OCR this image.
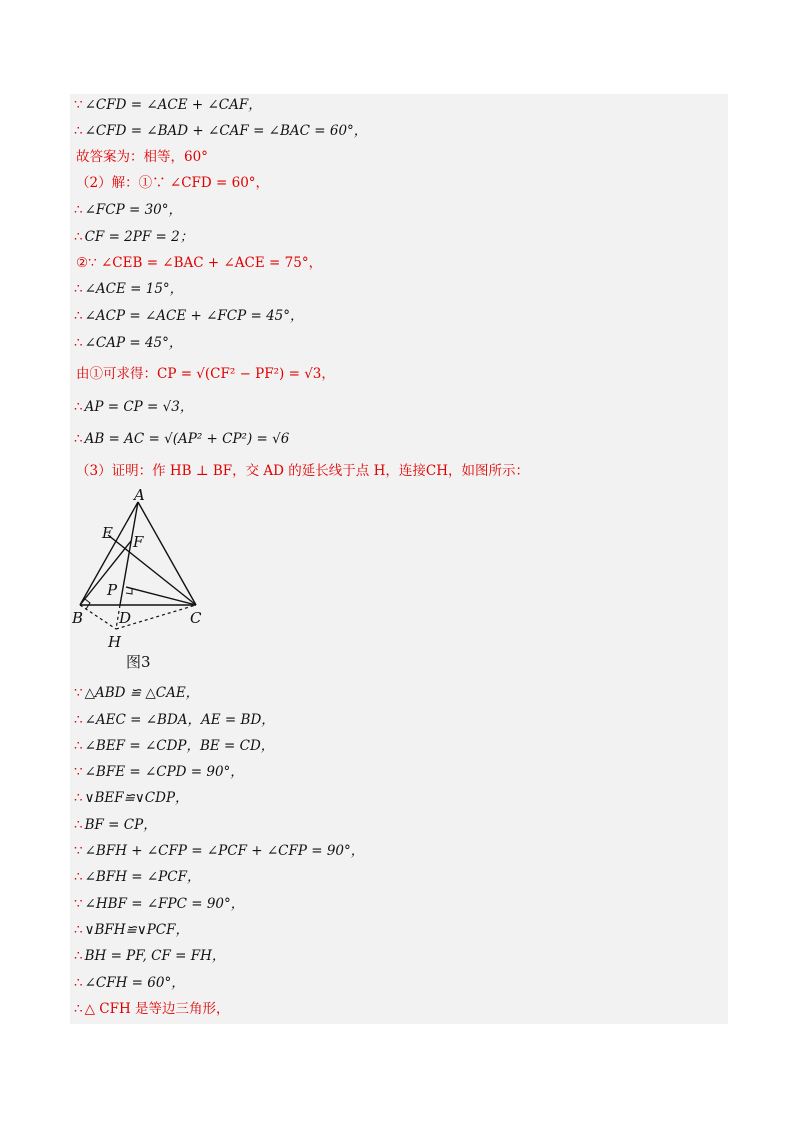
∵ ∠CFD = ∠ACE + ∠CAF，
∴ ∠CFD = ∠BAD + ∠CAF = ∠BAC = 60°，
故答案为：相等，60°
（2）解：①∵ ∠CFD = 60°，
∴ ∠FCP = 30°，
∴ CF = 2PF = 2；
②∵ ∠CEB = ∠BAC + ∠ACE = 75°，
∴ ∠ACE = 15°，
∴ ∠ACP = ∠ACE + ∠FCP = 45°，
∴ ∠CAP = 45°，
由①可求得：CP = √(CF² − PF²) = √3，
∴ AP = CP = √3，
∴ AB = AC = √(AP² + CP²) = √6
（3）证明：作 HB ⊥ BF，交 AD 的延长线于点 H，连接CH，如图所示：
A
B	C
D
E F
P
H
图3
∵ △ABD ≌ △CAE，
∴ ∠AEC = ∠BDA，AE = BD，
∴ ∠BEF = ∠CDP，BE = CD，
∵ ∠BFE = ∠CPD = 90°，
∴ ∨BEF≌∨CDP，
∴ BF = CP，
∵ ∠BFH + ∠CFP = ∠PCF + ∠CFP = 90°，
∴ ∠BFH = ∠PCF，
∵ ∠HBF = ∠FPC = 90°，
∴ ∨BFH≌∨PCF，
∴ BH = PF, CF = FH，
∴ ∠CFH = 60°，
∴ △ CFH 是等边三角形，
